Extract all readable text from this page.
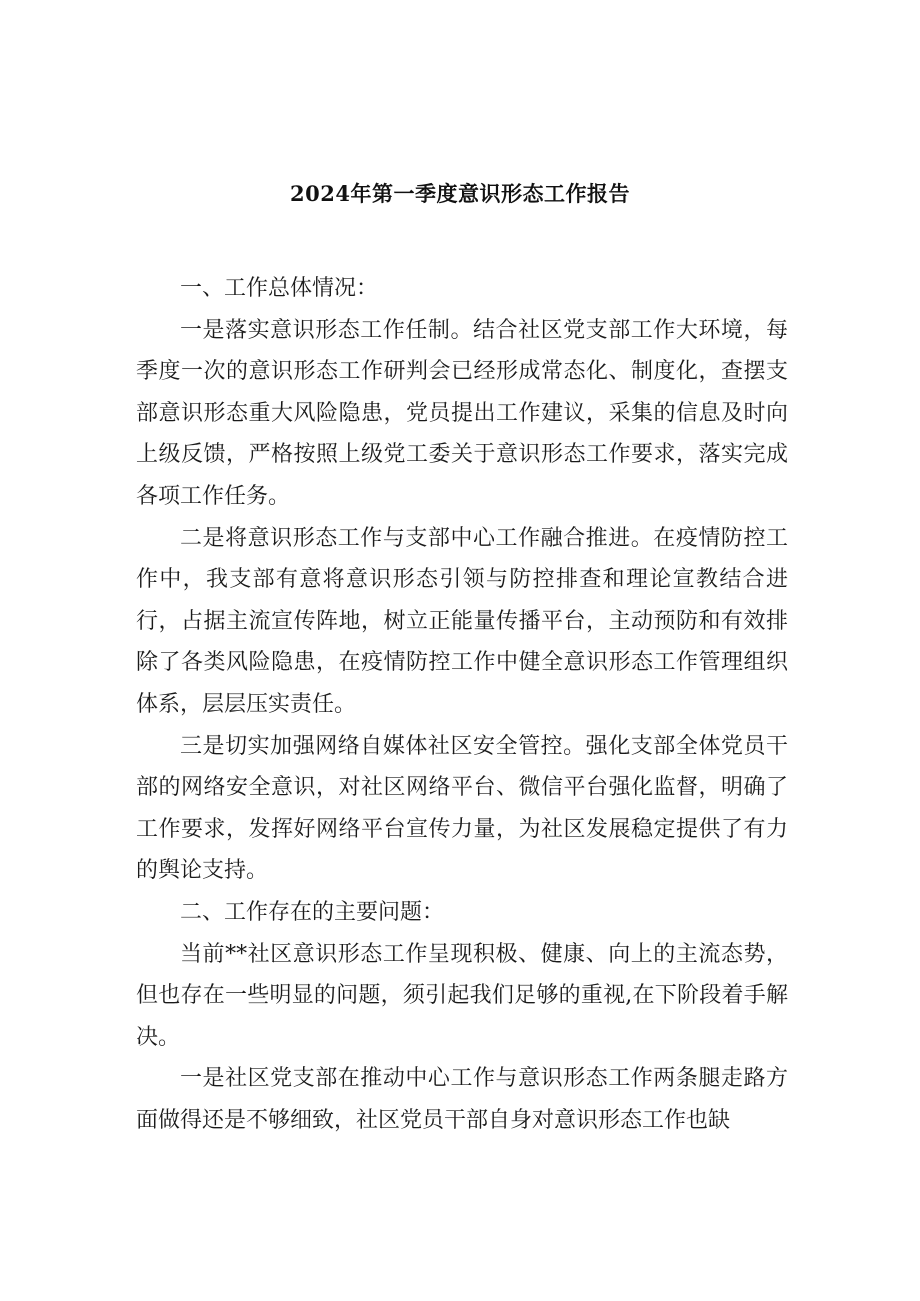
2024年第一季度意识形态工作报告

一、工作总体情况：

一是落实意识形态工作任制。结合社区党支部工作大环境，每季度一次的意识形态工作研判会已经形成常态化、制度化，查摆支部意识形态重大风险隐患，党员提出工作建议，采集的信息及时向上级反馈，严格按照上级党工委关于意识形态工作要求，落实完成各项工作任务。

二是将意识形态工作与支部中心工作融合推进。在疫情防控工作中，我支部有意将意识形态引领与防控排查和理论宣教结合进行，占据主流宣传阵地，树立正能量传播平台，主动预防和有效排除了各类风险隐患，在疫情防控工作中健全意识形态工作管理组织体系，层层压实责任。

三是切实加强网络自媒体社区安全管控。强化支部全体党员干部的网络安全意识，对社区网络平台、微信平台强化监督，明确了工作要求，发挥好网络平台宣传力量，为社区发展稳定提供了有力的舆论支持。

二、工作存在的主要问题：

当前**社区意识形态工作呈现积极、健康、向上的主流态势，但也存在一些明显的问题，须引起我们足够的重视,在下阶段着手解决。

一是社区党支部在推动中心工作与意识形态工作两条腿走路方面做得还是不够细致，社区党员干部自身对意识形态工作也缺
